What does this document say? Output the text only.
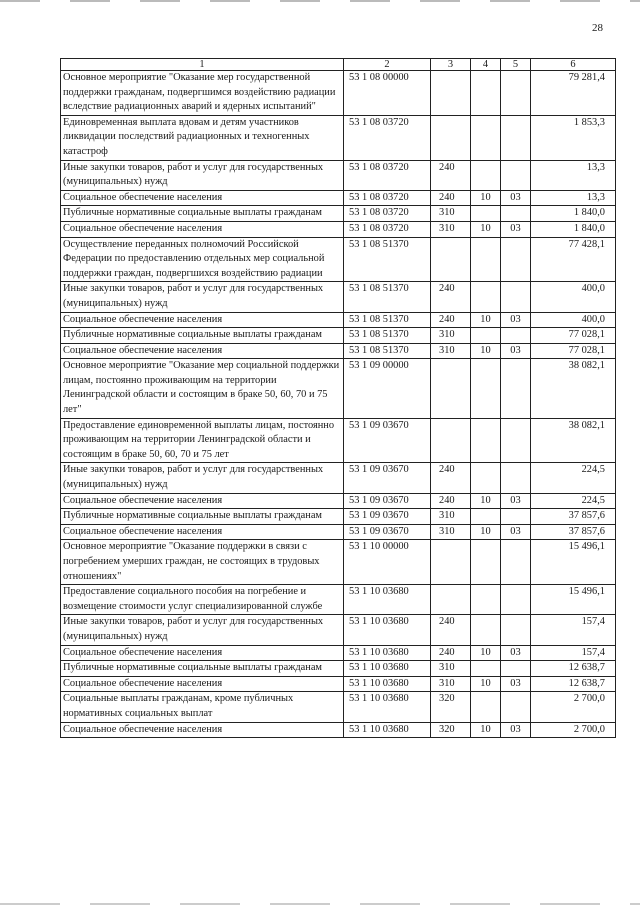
28
1	2	3	4	5	6
Основное мероприятие "Оказание мер государственной поддержки гражданам, подвергшимся воздействию радиации вследствие радиационных аварий и ядерных испытаний"	53 1 08 00000				79 281,4
Единовременная выплата вдовам и детям участников ликвидации последствий радиационных и техногенных катастроф	53 1 08 03720				1 853,3
Иные закупки товаров, работ и услуг для государственных (муниципальных) нужд	53 1 08 03720	240			13,3
Социальное обеспечение населения	53 1 08 03720	240	10	03	13,3
Публичные нормативные социальные выплаты гражданам	53 1 08 03720	310			1 840,0
Социальное обеспечение населения	53 1 08 03720	310	10	03	1 840,0
Осуществление переданных полномочий Российской Федерации по предоставлению отдельных мер социальной поддержки граждан, подвергшихся воздействию радиации	53 1 08 51370				77 428,1
Иные закупки товаров, работ и услуг для государственных (муниципальных) нужд	53 1 08 51370	240			400,0
Социальное обеспечение населения	53 1 08 51370	240	10	03	400,0
Публичные нормативные социальные выплаты гражданам	53 1 08 51370	310			77 028,1
Социальное обеспечение населения	53 1 08 51370	310	10	03	77 028,1
Основное мероприятие "Оказание мер социальной поддержки лицам, постоянно проживающим на территории Ленинградской области и состоящим в браке 50, 60, 70 и 75 лет"	53 1 09 00000				38 082,1
Предоставление единовременной выплаты лицам, постоянно проживающим на территории Ленинградской области и состоящим в браке 50, 60, 70 и 75 лет	53 1 09 03670				38 082,1
Иные закупки товаров, работ и услуг для государственных (муниципальных) нужд	53 1 09 03670	240			224,5
Социальное обеспечение населения	53 1 09 03670	240	10	03	224,5
Публичные нормативные социальные выплаты гражданам	53 1 09 03670	310			37 857,6
Социальное обеспечение населения	53 1 09 03670	310	10	03	37 857,6
Основное мероприятие "Оказание поддержки в связи с погребением умерших граждан, не состоящих в трудовых отношениях"	53 1 10 00000				15 496,1
Предоставление социального пособия на погребение и возмещение стоимости услуг специализированной службе	53 1 10 03680				15 496,1
Иные закупки товаров, работ и услуг для государственных (муниципальных) нужд	53 1 10 03680	240			157,4
Социальное обеспечение населения	53 1 10 03680	240	10	03	157,4
Публичные нормативные социальные выплаты гражданам	53 1 10 03680	310			12 638,7
Социальное обеспечение населения	53 1 10 03680	310	10	03	12 638,7
Социальные выплаты гражданам, кроме публичных нормативных социальных выплат	53 1 10 03680	320			2 700,0
Социальное обеспечение населения	53 1 10 03680	320	10	03	2 700,0
